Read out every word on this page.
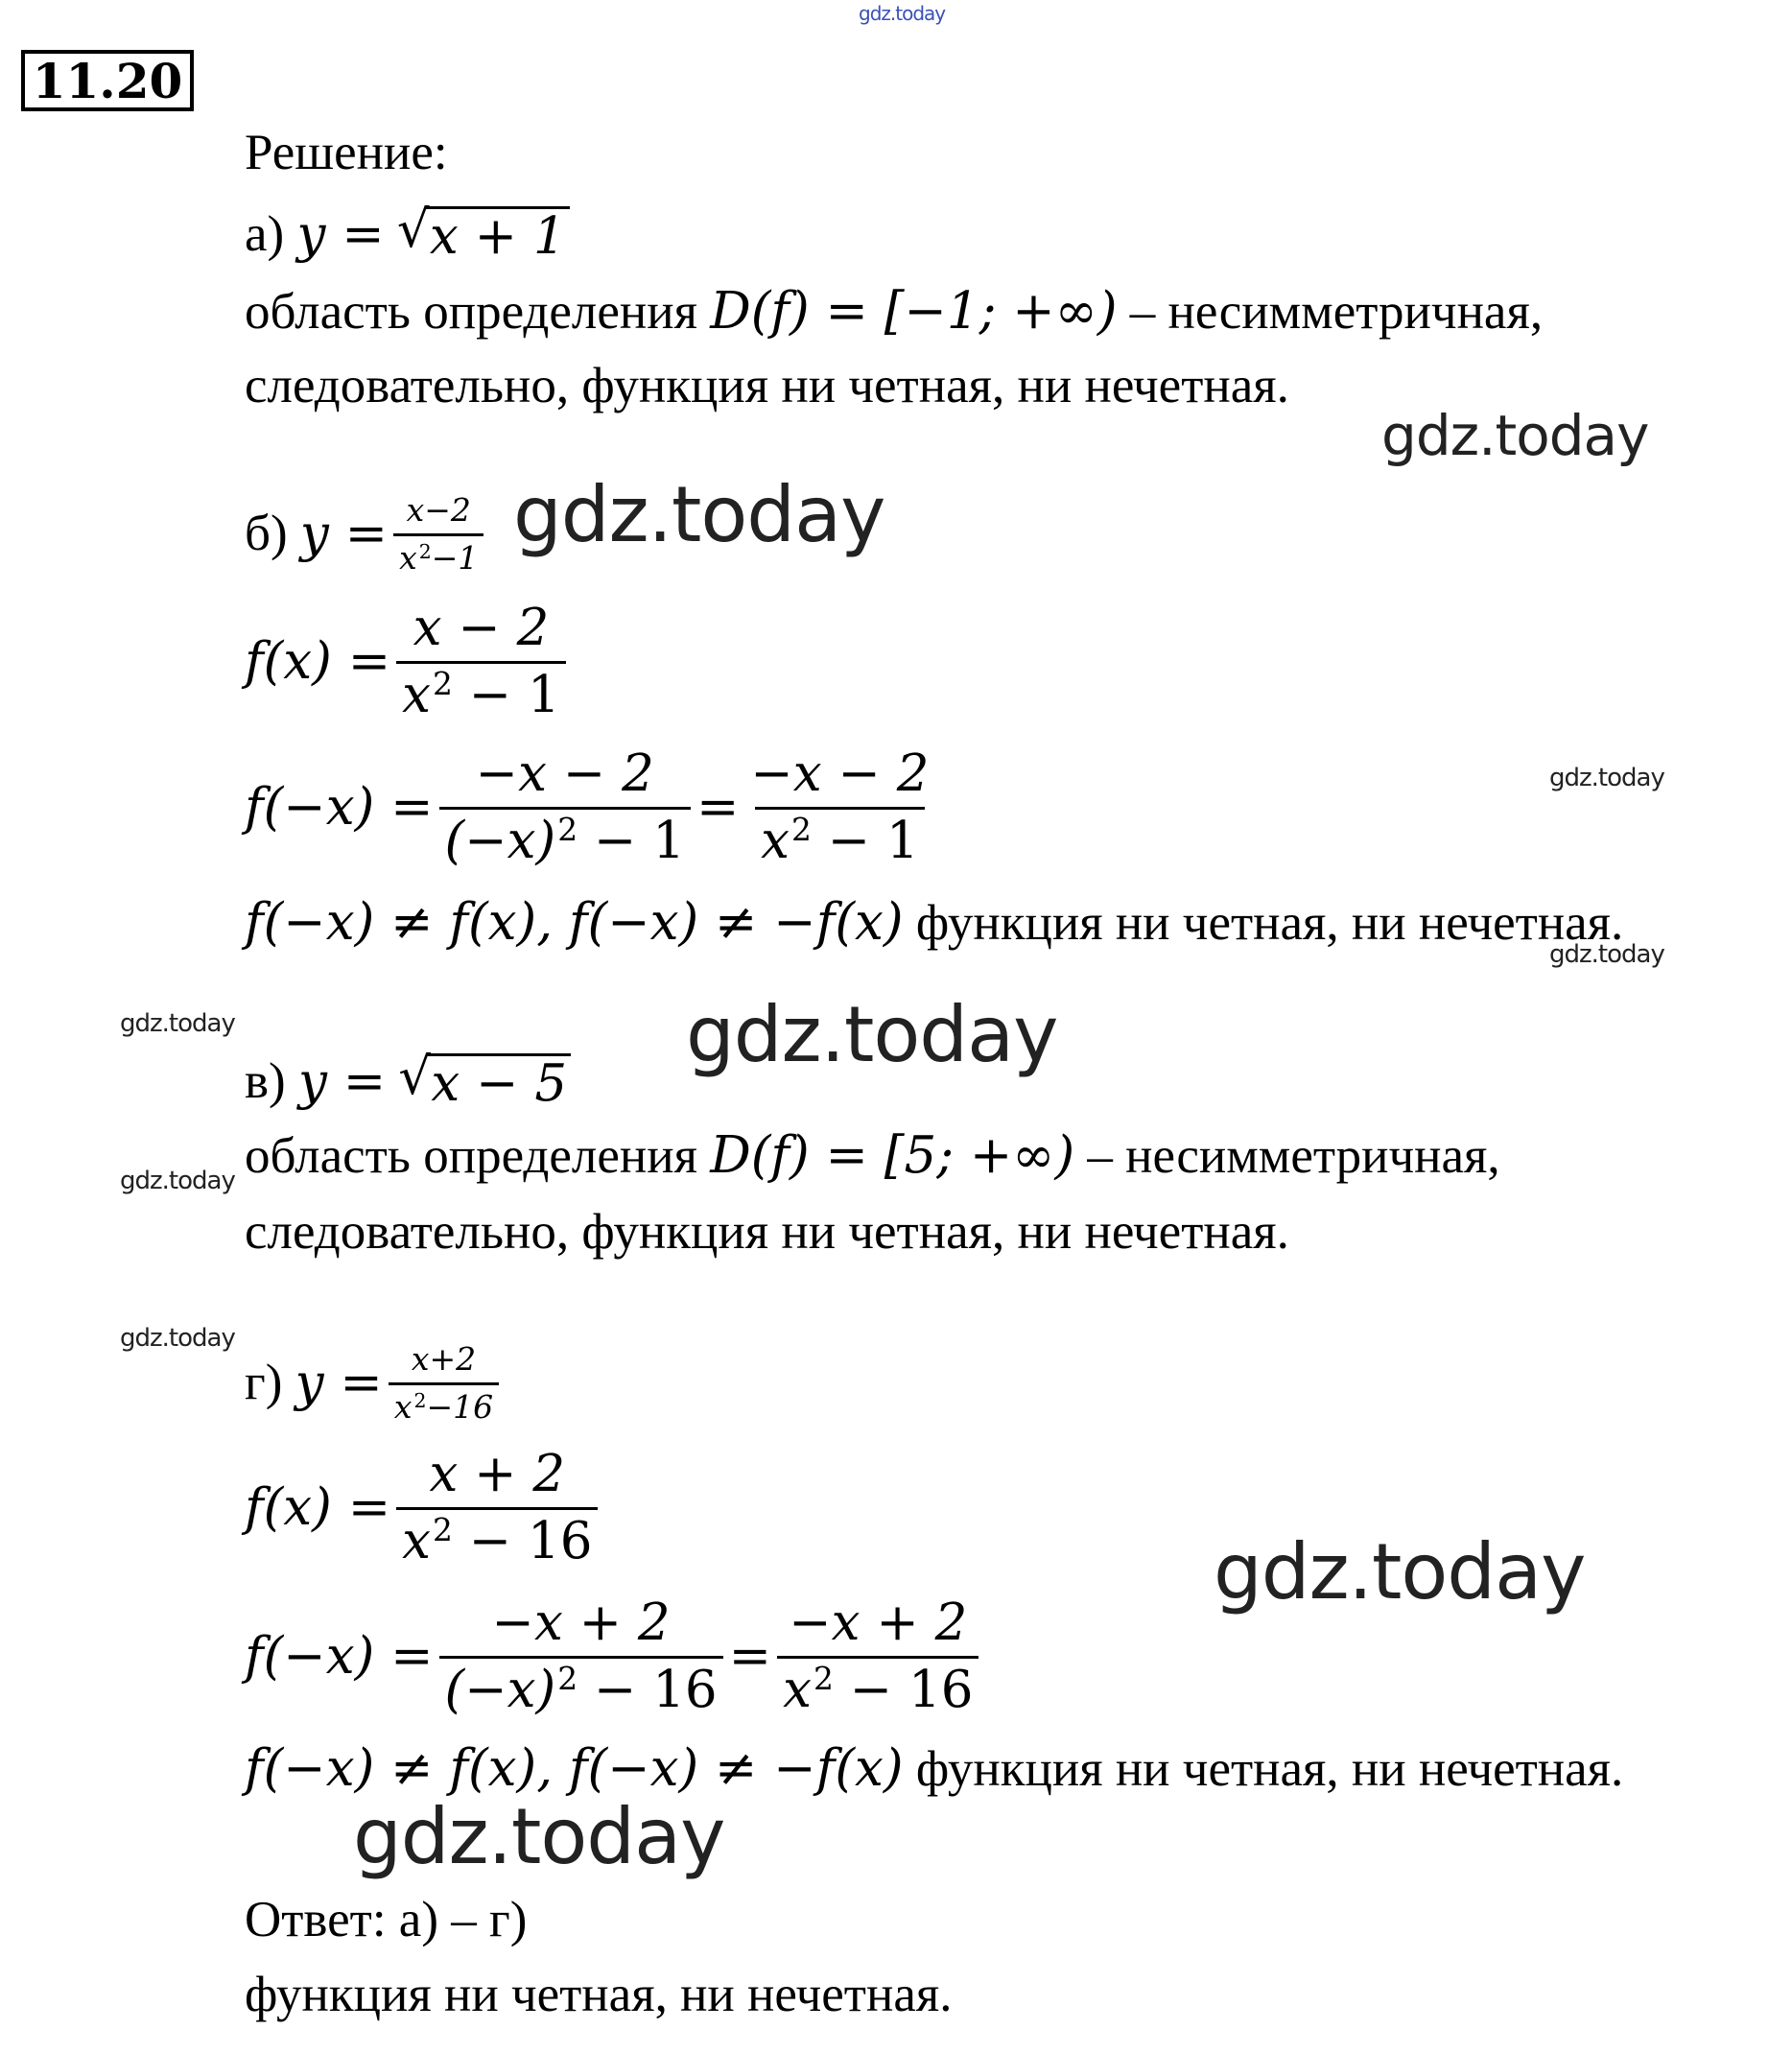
11.20
gdz.today
Решение:
а)
y =
√ x + 1
область определения D(f) = [−1; +∞) – несимметричная,
следовательно, функция ни четная, ни нечетная.
gdz.today
б)
$y = \frac{x-2}{x^2-1}$ gdz.today
$f(x) = \frac{x - 2}{x^2 - 1}$
$f(-x) = \frac{-x - 2}{(-x)^2 - 1} = \frac{-x - 2}{x^2 - 1}$	gdz.today
f(−x) ≠ f(x), f(−x) ≠ −f(x) функция ни четная, ни нечетная.
gdz.today
gdz.today
в)
y =
√ x − 5
gdz.today
область определения D(f) = [5; +∞) – несимметричная,
gdz.today
следовательно, функция ни четная, ни нечетная.
gdz.today
г)
$y = \frac{x+2}{x^2-16}$
$f(x) = \frac{x + 2}{x^2 - 16}$
gdz.today
$f(-x) = \frac{-x + 2}{(-x)^2 - 16} = \frac{-x + 2}{x^2 - 16}$
f(−x) ≠ f(x), f(−x) ≠ −f(x) функция ни четная, ни нечетная.
gdz.today
Ответ: а) – г)
функция ни четная, ни нечетная.
